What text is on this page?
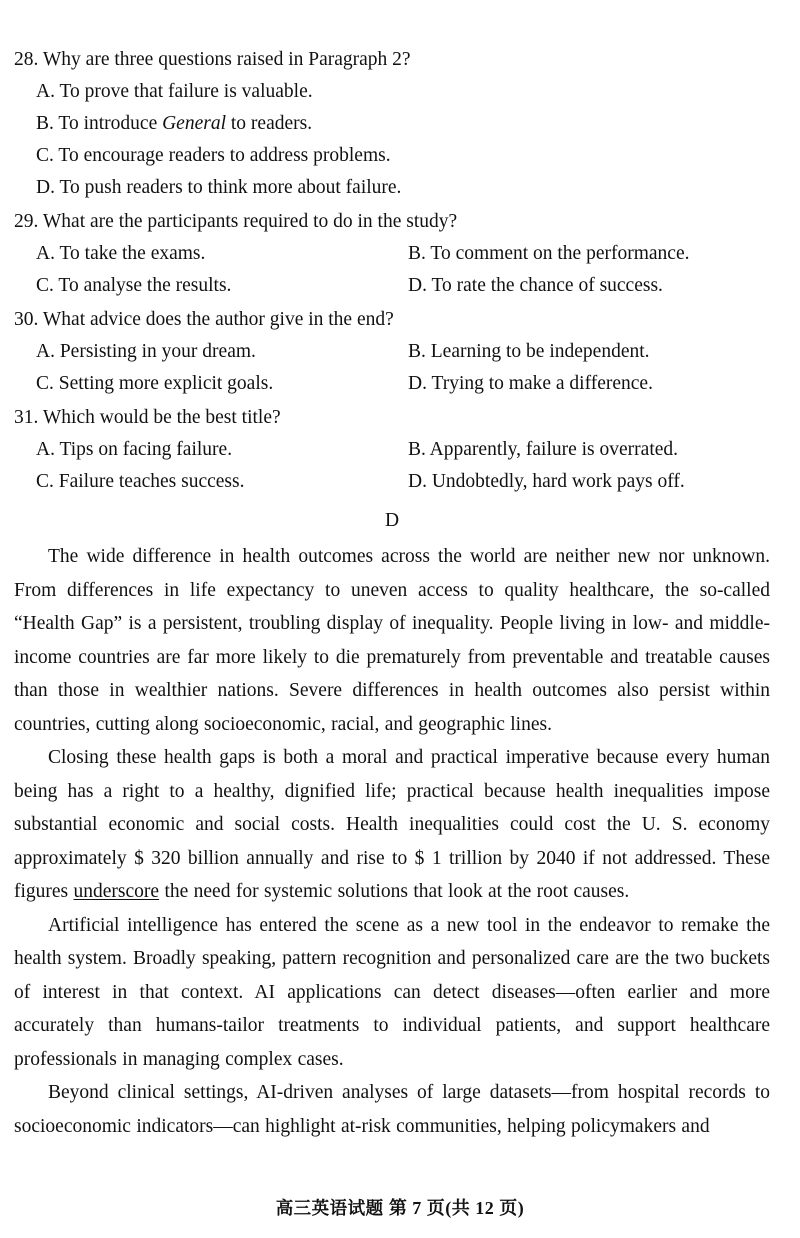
28. Why are three questions raised in Paragraph 2?
A. To prove that failure is valuable.
B. To introduce General to readers.
C. To encourage readers to address problems.
D. To push readers to think more about failure.
29. What are the participants required to do in the study?
A. To take the exams.	B. To comment on the performance.
C. To analyse the results.	D. To rate the chance of success.
30. What advice does the author give in the end?
A. Persisting in your dream.	B. Learning to be independent.
C. Setting more explicit goals.	D. Trying to make a difference.
31. Which would be the best title?
A. Tips on facing failure.	B. Apparently, failure is overrated.
C. Failure teaches success.	D. Undobtedly, hard work pays off.
D

The wide difference in health outcomes across the world are neither new nor unknown. From differences in life expectancy to uneven access to quality healthcare, the so-called “Health Gap” is a persistent, troubling display of inequality. People living in low- and middle-income countries are far more likely to die prematurely from preventable and treatable causes than those in wealthier nations. Severe differences in health outcomes also persist within countries, cutting along socioeconomic, racial, and geographic lines.

Closing these health gaps is both a moral and practical imperative because every human being has a right to a healthy, dignified life; practical because health inequalities impose substantial economic and social costs. Health inequalities could cost the U. S. economy approximately $ 320 billion annually and rise to $ 1 trillion by 2040 if not addressed. These figures underscore the need for systemic solutions that look at the root causes.

Artificial intelligence has entered the scene as a new tool in the endeavor to remake the health system. Broadly speaking, pattern recognition and personalized care are the two buckets of interest in that context. AI applications can detect diseases—often earlier and more accurately than humans-tailor treatments to individual patients, and support healthcare professionals in managing complex cases.

Beyond clinical settings, AI-driven analyses of large datasets—from hospital records to socioeconomic indicators—can highlight at-risk communities, helping policymakers and

高三英语试题 第 7 页(共 12 页)
